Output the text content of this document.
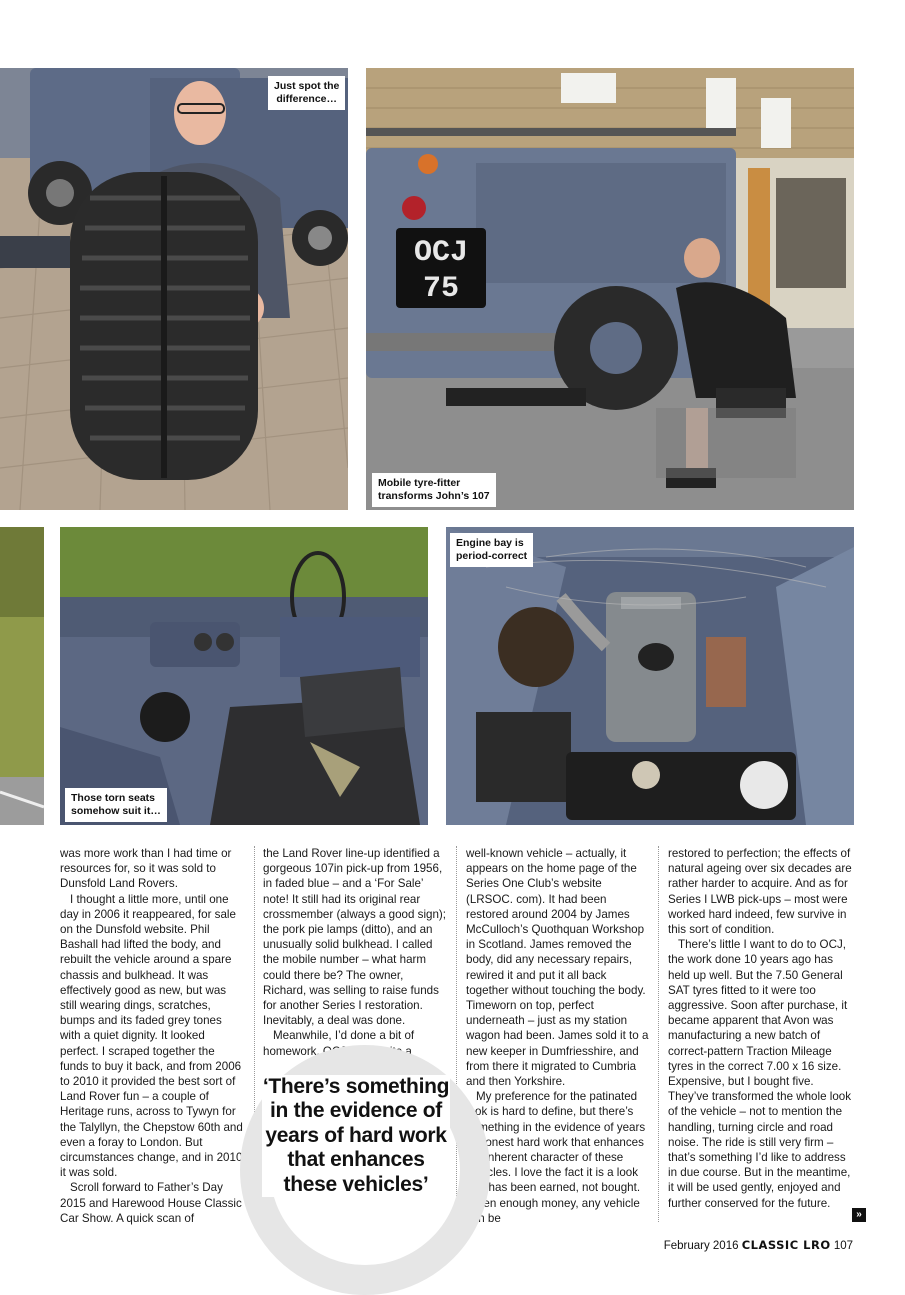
Just spot the
difference…
OCJ
75
Mobile tyre-fitter
transforms John’s 107
Those torn seats
somehow suit it…
Engine bay is
period-correct

was more work than I had time or resources for, so it was sold to Dunsfold Land Rovers.

I thought a little more, until one day in 2006 it reappeared, for sale on the Dunsfold website. Phil Bashall had lifted the body, and rebuilt the vehicle around a spare chassis and bulkhead. It was effectively good as new, but was still wearing dings, scratches, bumps and its faded grey tones with a quiet dignity. It looked perfect. I scraped together the funds to buy it back, and from 2006 to 2010 it provided the best sort of Land Rover fun – a couple of Heritage runs, across to Tywyn for the Talyllyn, the Chepstow 60th and even a foray to London. But circumstances change, and in 2010 it was sold.

Scroll forward to Father’s Day 2015 and Harewood House Classic Car Show. A quick scan of

the Land Rover line-up identified a gorgeous 107in pick-up from 1956, in faded blue – and a ‘For Sale’ note! It still had its original rear crossmember (always a good sign); the pork pie lamps (ditto), and an unusually solid bulkhead. I called the mobile number – what harm could there be? The owner, Richard, was selling to raise funds for another Series I restoration. Inevitably, a deal was done.

Meanwhile, I’d done a bit of homework. OCJ 75 is quite a

well-known vehicle – actually, it appears on the home page of the Series One Club’s website (LRSOC. com). It had been restored around 2004 by James McCulloch’s Quothquan Workshop in Scotland. James removed the body, did any necessary repairs, rewired it and put it all back together without touching the body. Timeworn on top, perfect underneath – just as my station wagon had been. James sold it to a new keeper in Dumfriesshire, and from there it migrated to Cumbria and then Yorkshire.

My preference for the patinated look is hard to define, but there’s something in the evidence of years of honest hard work that enhances the inherent character of these vehicles. I love the fact it is a look that has been earned, not bought. Given enough money, any vehicle can be

restored to perfection; the effects of natural ageing over six decades are rather harder to acquire. And as for Series I LWB pick-ups – most were worked hard indeed, few survive in this sort of condition.

There’s little I want to do to OCJ, the work done 10 years ago has held up well. But the 7.50 General SAT tyres fitted to it were too aggressive. Soon after purchase, it became apparent that Avon was manufacturing a new batch of correct-pattern Traction Mileage tyres in the correct 7.00 x 16 size. Expensive, but I bought five. They’ve transformed the whole look of the vehicle – not to mention the handling, turning circle and road noise. The ride is still very firm – that’s something I’d like to address in due course. But in the meantime, it will be used gently, enjoyed and further conserved for the future.

‘There’s something in the evidence of years of hard work that enhances these vehicles’
»
February 2016 CLASSIC LRO 107
